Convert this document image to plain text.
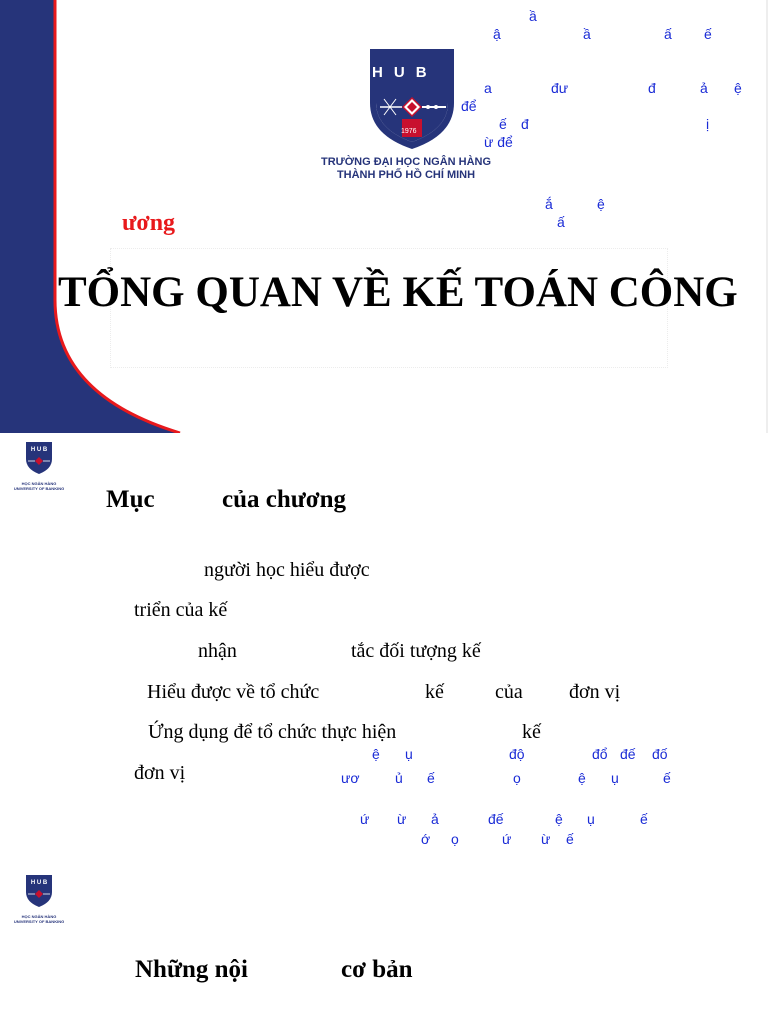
HUB
1976
TRƯỜNG ĐẠI HỌC NGÂN HÀNG
THÀNH PHỐ HỒ CHÍ MINH
ầ
ậ	ầ	ấ ế
a	đư	đ	ả ệ
để
ế đ	ị
ừ để
ắ	ệ
ấ
ương
TỔNG QUAN VỀ KẾ TOÁN CÔNG
H U B
HỌC NGÂN HÀNG
UNIVERSITY OF BANKING Mục	của chương
người học hiểu được
triển của kế
nhận	tắc đối tượng kế
Hiểu được về tổ chức	kế	của đơn vị
Ứng dụng để tổ chức thực hiện	kế
đơn vị
ệ ụ	độ	đổ đế đố
ươ	ủ ế	ọ	ệ ụ	ế
ứ ừ ả	đế	ệ ụ	ế
ớ ọ	ứ ừ ế
H U B
HỌC NGÂN HÀNG
UNIVERSITY OF BANKING
Những nội	cơ bản
